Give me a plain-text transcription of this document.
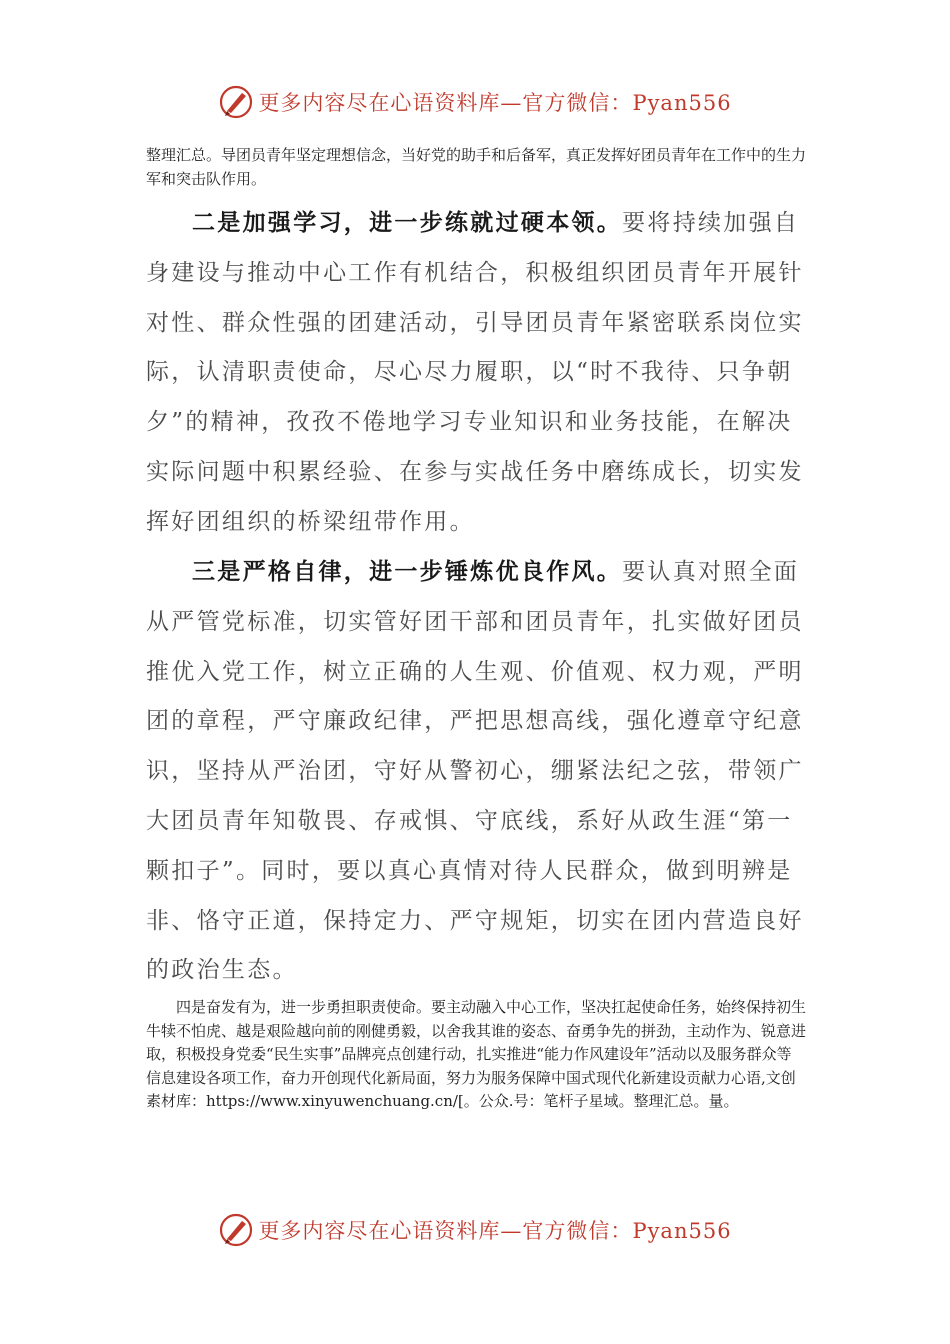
更多内容尽在心语资料库—官方微信：Pyan556
整理汇总。导团员青年坚定理想信念，当好党的助手和后备军，真正发挥好团员青年在工作中的生力军和突击队作用。
二是加强学习，进一步练就过硬本领。要将持续加强自身建设与推动中心工作有机结合，积极组织团员青年开展针对性、群众性强的团建活动，引导团员青年紧密联系岗位实际，认清职责使命，尽心尽力履职，以“时不我待、只争朝夕”的精神，孜孜不倦地学习专业知识和业务技能，在解决实际问题中积累经验、在参与实战任务中磨练成长，切实发挥好团组织的桥梁纽带作用。
三是严格自律，进一步锤炼优良作风。要认真对照全面从严管党标准，切实管好团干部和团员青年，扎实做好团员推优入党工作，树立正确的人生观、价值观、权力观，严明团的章程，严守廉政纪律，严把思想高线，强化遵章守纪意识，坚持从严治团，守好从警初心，绷紧法纪之弦，带领广大团员青年知敬畏、存戒惧、守底线，系好从政生涯“第一颗扣子”。同时，要以真心真情对待人民群众，做到明辨是非、恪守正道，保持定力、严守规矩，切实在团内营造良好的政治生态。
四是奋发有为，进一步勇担职责使命。要主动融入中心工作，坚决扛起使命任务，始终保持初生牛犊不怕虎、越是艰险越向前的刚健勇毅，以舍我其谁的姿态、奋勇争先的拼劲，主动作为、锐意进取，积极投身党委“民生实事”品牌亮点创建行动，扎实推进“能力作风建设年”活动以及服务群众等信息建设各项工作，奋力开创现代化新局面，努力为服务保障中国式现代化新建设贡献力心语,文创素材库：https://www.xinyuwenchuang.cn/[。公众.号：笔杆子星域。整理汇总。量。
更多内容尽在心语资料库—官方微信：Pyan556
